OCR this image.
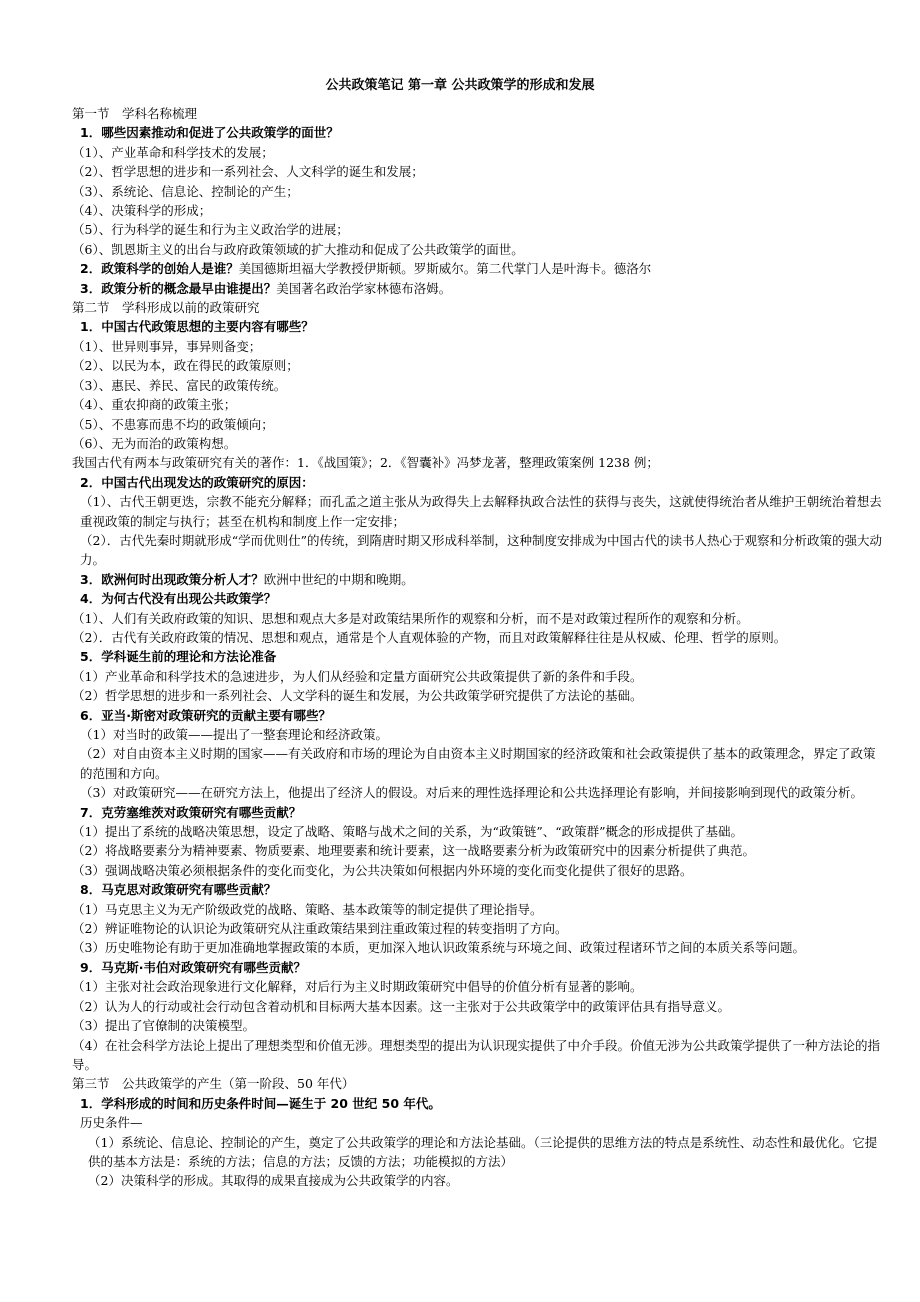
公共政策笔记 第一章 公共政策学的形成和发展
第一节　学科名称梳理
1．哪些因素推动和促进了公共政策学的面世？
（1）、产业革命和科学技术的发展；
（2）、哲学思想的进步和一系列社会、人文科学的诞生和发展；
（3）、系统论、信息论、控制论的产生；
（4）、决策科学的形成；
（5）、行为科学的诞生和行为主义政治学的进展；
（6）、凯恩斯主义的出台与政府政策领域的扩大推动和促成了公共政策学的面世。
2．政策科学的创始人是谁？美国德斯坦福大学教授伊斯顿。罗斯威尔。第二代掌门人是叶海卡。德洛尔
3．政策分析的概念最早由谁提出？美国著名政治学家林德布洛姆。
第二节　学科形成以前的政策研究
1．中国古代政策思想的主要内容有哪些？
（1）、世异则事异，事异则备变；
（2）、以民为本，政在得民的政策原则；
（3）、惠民、养民、富民的政策传统。
（4）、重农抑商的政策主张；
（5）、不患寡而患不均的政策倾向；
（6）、无为而治的政策构想。
我国古代有两本与政策研究有关的著作：1．《战国策》；2．《智囊补》冯梦龙著，整理政策案例 1238 例；
2．中国古代出现发达的政策研究的原因：
（1）、古代王朝更迭，宗教不能充分解释；而孔孟之道主张从为政得失上去解释执政合法性的获得与丧失，这就使得统治者从维护王朝统治着想去重视政策的制定与执行；甚至在机构和制度上作一定安排；
（2）．古代先秦时期就形成“学而优则仕”的传统，到隋唐时期又形成科举制，这种制度安排成为中国古代的读书人热心于观察和分析政策的强大动力。
3．欧洲何时出现政策分析人才？欧洲中世纪的中期和晚期。
4．为何古代没有出现公共政策学？
（1）、人们有关政府政策的知识、思想和观点大多是对政策结果所作的观察和分析，而不是对政策过程所作的观察和分析。
（2）．古代有关政府政策的情况、思想和观点，通常是个人直观体验的产物，而且对政策解释往往是从权威、伦理、哲学的原则。
5．学科诞生前的理论和方法论准备
（1）产业革命和科学技术的急速进步，为人们从经验和定量方面研究公共政策提供了新的条件和手段。
（2）哲学思想的进步和一系列社会、人文学科的诞生和发展，为公共政策学研究提供了方法论的基础。
6．亚当·斯密对政策研究的贡献主要有哪些？
（1）对当时的政策——提出了一整套理论和经济政策。
（2）对自由资本主义时期的国家——有关政府和市场的理论为自由资本主义时期国家的经济政策和社会政策提供了基本的政策理念，界定了政策的范围和方向。
（3）对政策研究——在研究方法上，他提出了经济人的假设。对后来的理性选择理论和公共选择理论有影响，并间接影响到现代的政策分析。
7．克劳塞维茨对政策研究有哪些贡献？
（1）提出了系统的战略决策思想，设定了战略、策略与战术之间的关系，为“政策链”、“政策群”概念的形成提供了基础。
（2）将战略要素分为精神要素、物质要素、地理要素和统计要素，这一战略要素分析为政策研究中的因素分析提供了典范。
（3）强调战略决策必须根据条件的变化而变化，为公共决策如何根据内外环境的变化而变化提供了很好的思路。
8．马克思对政策研究有哪些贡献？
（1）马克思主义为无产阶级政党的战略、策略、基本政策等的制定提供了理论指导。
（2）辨证唯物论的认识论为政策研究从注重政策结果到注重政策过程的转变指明了方向。
（3）历史唯物论有助于更加准确地掌握政策的本质，更加深入地认识政策系统与环境之间、政策过程诸环节之间的本质关系等问题。
9．马克斯·韦伯对政策研究有哪些贡献？
（1）主张对社会政治现象进行文化解释，对后行为主义时期政策研究中倡导的价值分析有显著的影响。
（2）认为人的行动或社会行动包含着动机和目标两大基本因素。这一主张对于公共政策学中的政策评估具有指导意义。
（3）提出了官僚制的决策模型。
（4）在社会科学方法论上提出了理想类型和价值无涉。理想类型的提出为认识现实提供了中介手段。价值无涉为公共政策学提供了一种方法论的指导。
第三节　公共政策学的产生（第一阶段、50 年代）
1．学科形成的时间和历史条件时间—诞生于 20 世纪 50 年代。
历史条件—
（1）系统论、信息论、控制论的产生，奠定了公共政策学的理论和方法论基础。（三论提供的思维方法的特点是系统性、动态性和最优化。它提供的基本方法是：系统的方法；信息的方法；反馈的方法；功能模拟的方法）
（2）决策科学的形成。其取得的成果直接成为公共政策学的内容。
